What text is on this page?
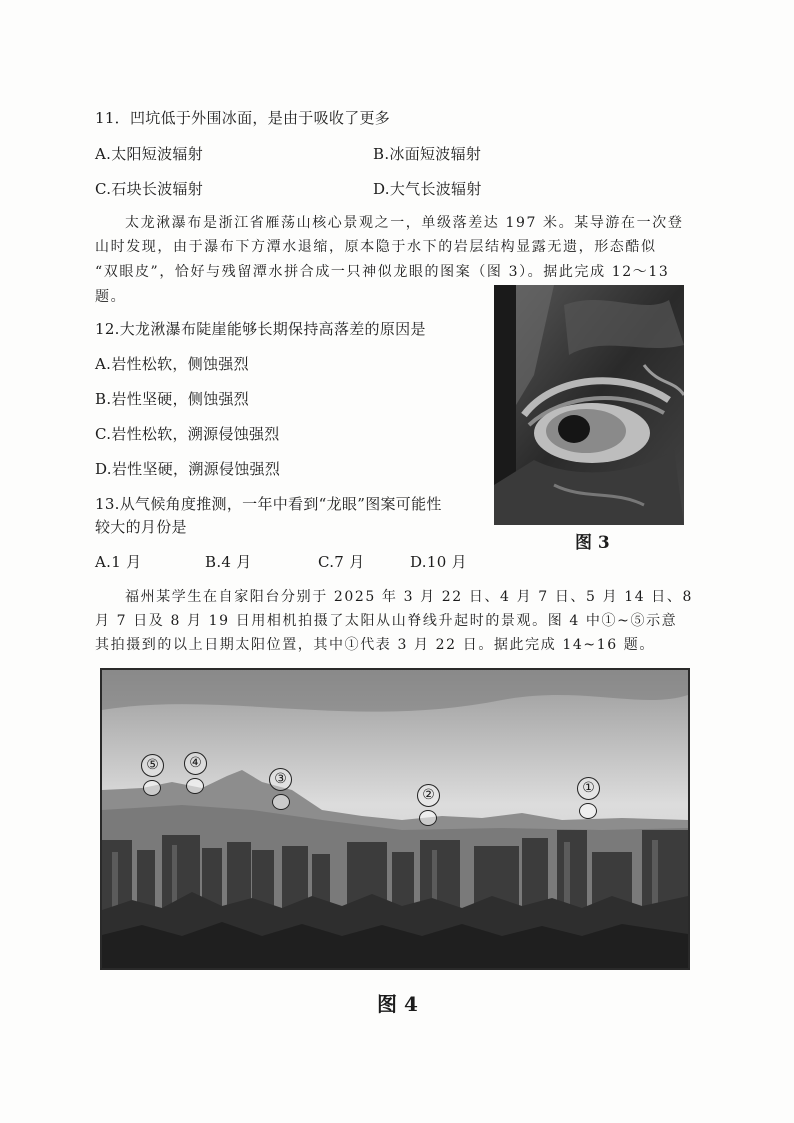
11．凹坑低于外围冰面，是由于吸收了更多
A.太阳短波辐射	B.冰面短波辐射
C.石块长波辐射	D.大气长波辐射
太龙湫瀑布是浙江省雁荡山核心景观之一，单级落差达 197 米。某导游在一次登
山时发现，由于瀑布下方潭水退缩，原本隐于水下的岩层结构显露无遗，形态酷似
“双眼皮”，恰好与残留潭水拼合成一只神似龙眼的图案（图 3）。据此完成 12～13
题。
12.大龙湫瀑布陡崖能够长期保持高落差的原因是
A.岩性松软，侧蚀强烈
B.岩性坚硬，侧蚀强烈
C.岩性松软，溯源侵蚀强烈
D.岩性坚硬，溯源侵蚀强烈
13.从气候角度推测，一年中看到“龙眼”图案可能性
较大的月份是
A.1 月	B.4 月	C.7 月	D.10 月
图 3
福州某学生在自家阳台分别于 2025 年 3 月 22 日、4 月 7 日、5 月 14 日、8
月 7 日及 8 月 19 日用相机拍摄了太阳从山脊线升起时的景观。图 4 中①~⑤示意
其拍摄到的以上日期太阳位置，其中①代表 3 月 22 日。据此完成 14~16 题。
⑤	④
③
②	①
图 4
